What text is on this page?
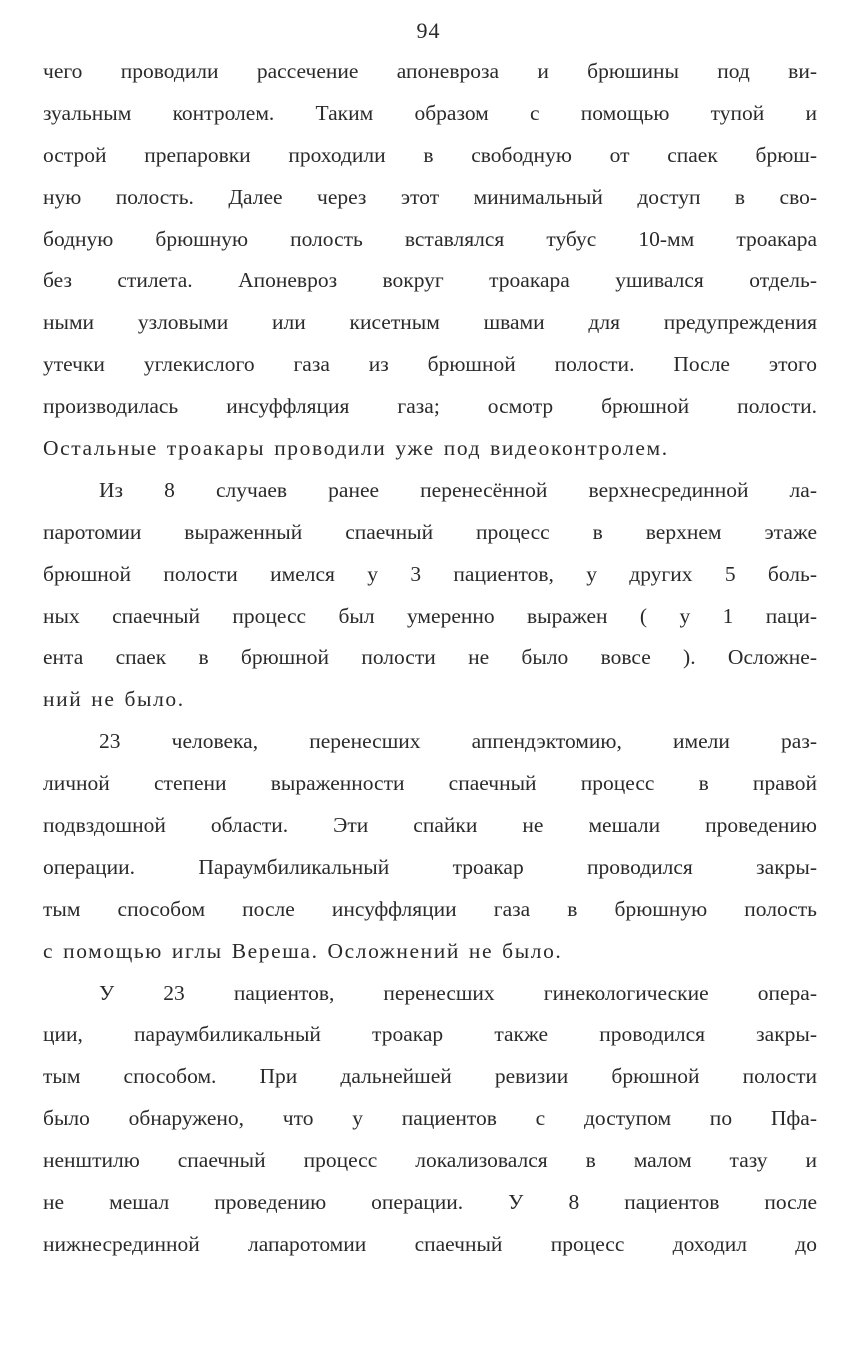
94
чего проводили рассечение апоневроза и брюшины под ви-
зуальным контролем. Таким образом с помощью тупой и
острой препаровки проходили в свободную от спаек брюш-
ную полость. Далее через этот минимальный доступ в сво-
бодную брюшную полость вставлялся тубус 10-мм троакара
без стилета. Апоневроз вокруг троакара ушивался отдель-
ными узловыми или кисетным швами для предупреждения
утечки углекислого газа из брюшной полости. После этого
производилась инсуффляция газа; осмотр брюшной полости.
Остальные троакары проводили уже под видеоконтролем.
Из 8 случаев ранее перенесённой верхнесрединной ла-
паротомии выраженный спаечный процесс в верхнем этаже
брюшной полости имелся у 3 пациентов, у других 5 боль-
ных спаечный процесс был умеренно выражен ( у 1 паци-
ента спаек в брюшной полости не было вовсе ). Осложне-
ний не было.
23 человека, перенесших аппендэктомию, имели раз-
личной степени выраженности спаечный процесс в правой
подвздошной области. Эти спайки не мешали проведению
операции. Параумбиликальный троакар проводился закры-
тым способом после инсуффляции газа в брюшную полость
с помощью иглы Вереша. Осложнений не было.
У 23 пациентов, перенесших гинекологические опера-
ции, параумбиликальный троакар также проводился закры-
тым способом. При дальнейшей ревизии брюшной полости
было обнаружено, что у пациентов с доступом по Пфа-
ненштилю спаечный процесс локализовался в малом тазу и
не мешал проведению операции. У 8 пациентов после
нижнесрединной лапаротомии спаечный процесс доходил до
